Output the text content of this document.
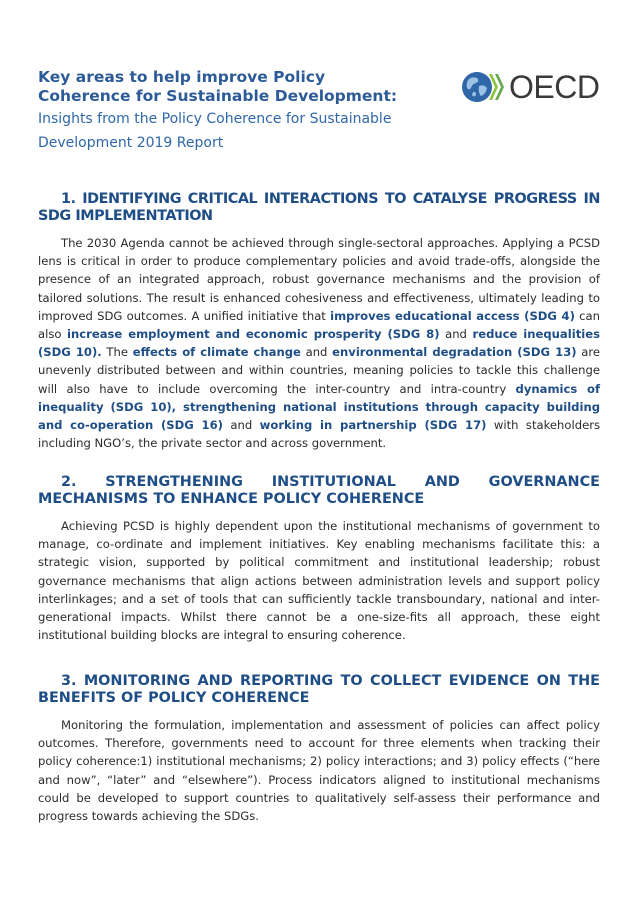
Key areas to help improve Policy
Coherence for Sustainable Development:

Insights from the Policy Coherence for Sustainable Development 2019 Report

OECD

1. IDENTIFYING CRITICAL INTERACTIONS TO CATALYSE PROGRESS IN SDG IMPLEMENTATION

The 2030 Agenda cannot be achieved through single-sectoral approaches. Applying a PCSD lens is critical in order to produce complementary policies and avoid trade-offs, alongside the presence of an integrated approach, robust governance mechanisms and the provision of tailored solutions. The result is enhanced cohesiveness and effectiveness, ultimately leading to improved SDG outcomes. A unified initiative that improves educational access (SDG 4) can also increase employment and economic prosperity (SDG 8) and reduce inequalities (SDG 10). The effects of climate change and environmental degradation (SDG 13) are unevenly distributed between and within countries, meaning policies to tackle this challenge will also have to include overcoming the inter-country and intra-country dynamics of inequality (SDG 10), strengthening national institutions through capacity building and co-operation (SDG 16) and working in partnership (SDG 17) with stakeholders including NGO’s, the private sector and across government.

2. STRENGTHENING INSTITUTIONAL AND GOVERNANCE MECHANISMS TO ENHANCE POLICY COHERENCE

Achieving PCSD is highly dependent upon the institutional mechanisms of government to manage, co-ordinate and implement initiatives. Key enabling mechanisms facilitate this: a strategic vision, supported by political commitment and institutional leadership; robust governance mechanisms that align actions between administration levels and support policy interlinkages; and a set of tools that can sufficiently tackle transboundary, national and inter-generational impacts. Whilst there cannot be a one-size-fits all approach, these eight institutional building blocks are integral to ensuring coherence.

3. MONITORING AND REPORTING TO COLLECT EVIDENCE ON THE BENEFITS OF POLICY COHERENCE

Monitoring the formulation, implementation and assessment of policies can affect policy outcomes. Therefore, governments need to account for three elements when tracking their policy coherence:1) institutional mechanisms; 2) policy interactions; and 3) policy effects (“here and now”, “later” and “elsewhere”). Process indicators aligned to institutional mechanisms could be developed to support countries to qualitatively self-assess their performance and progress towards achieving the SDGs.
